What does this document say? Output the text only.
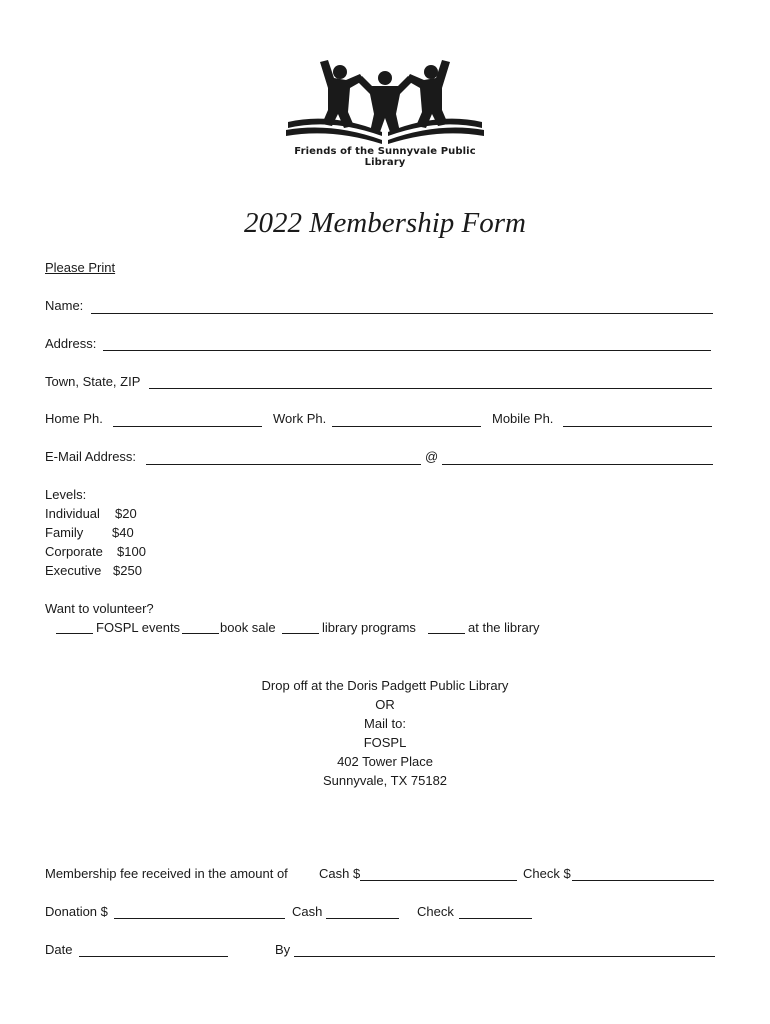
Friends of the Sunnyvale Public Library
2022 Membership Form
Please Print
Name:
Address:
Town, State, ZIP
Home Ph.	Work Ph.	Mobile Ph.
E-Mail Address:	@
Levels:
Individual $20
Family $40
Corporate $100
Executive $250
Want to volunteer?
FOSPL events	book sale	library programs	at the library
Drop off at the Doris Padgett Public Library
OR
Mail to:
FOSPL
402 Tower Place
Sunnyvale, TX 75182
Membership fee received in the amount of Cash $	Check $
Donation $	Cash	Check
Date	By
